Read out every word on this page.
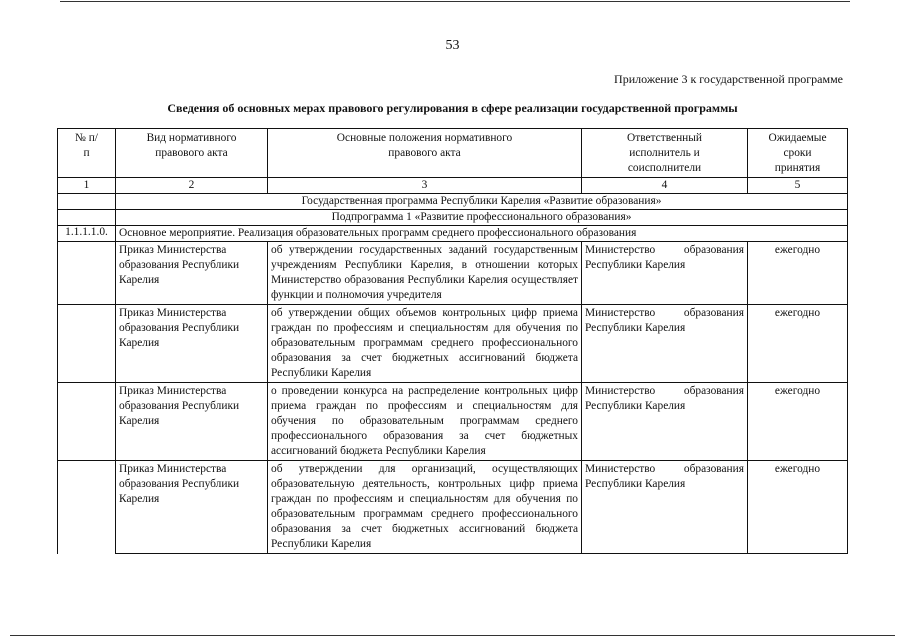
53
Приложение 3 к государственной программе
Сведения об основных мерах правового регулирования в сфере реализации государственной программы
№ п/п	Вид нормативного правового акта	Основные положения нормативного правового акта	Ответственный исполнитель и соисполнители	Ожидаемые сроки принятия
1	2	3	4	5
	Государственная программа Республики Карелия «Развитие образования»			
	Подпрограмма 1 «Развитие профессионального образования»			
1.1.1.1.0.	Основное мероприятие. Реализация образовательных программ среднего профессионального образования			
	Приказ Министерства образования Республики Карелия	об утверждении государственных заданий государственным учреждениям Республики Карелия, в отношении которых Министерство образования Республики Карелия осуществляет функции и полномочия учредителя	Министерство образования Республики Карелия	ежегодно
	Приказ Министерства образования Республики Карелия	об утверждении общих объемов контрольных цифр приема граждан по профессиям и специальностям для обучения по образовательным программам среднего профессионального образования за счет бюджетных ассигнований бюджета Республики Карелия	Министерство образования Республики Карелия	ежегодно
	Приказ Министерства образования Республики Карелия	о проведении конкурса на распределение контрольных цифр приема граждан по профессиям и специальностям для обучения по образовательным программам среднего профессионального образования за счет бюджетных ассигнований бюджета Республики Карелия	Министерство образования Республики Карелия	ежегодно
	Приказ Министерства образования Республики Карелия	об утверждении для организаций, осуществляющих образовательную деятельность, контрольных цифр приема граждан по профессиям и специальностям для обучения по образовательным программам среднего профессионального образования за счет бюджетных ассигнований бюджета Республики Карелия	Министерство образования Республики Карелия	ежегодно
